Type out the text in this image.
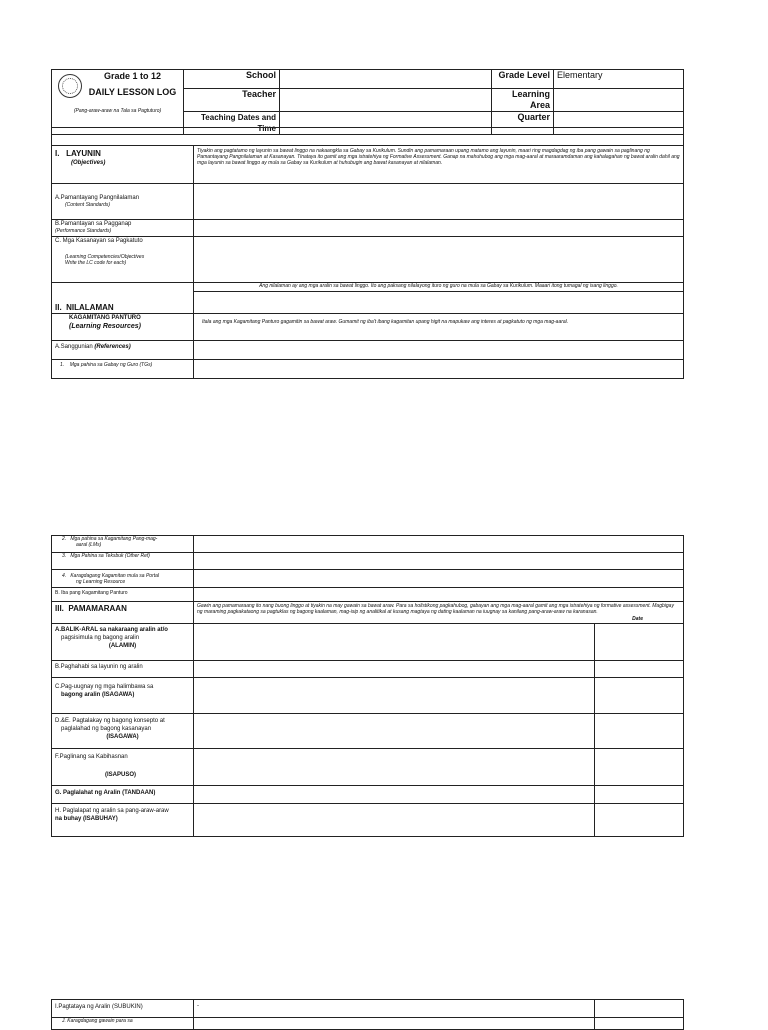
Grade 1 to 12
DAILY LESSON LOG
(Pang-araw-araw na Tala sa Pagtuturo)	School		Grade Level	Elementary
	Teacher		Learning Area	
	Teaching Dates and Time		Quarter	

I. LAYUNIN
(Objectives)	Tiyakin ang pagtatamo ng layunin sa bawat linggo na nakaangkla sa Gabay sa Kurikulum. Sundin ang pamamaraan upang matamo ang layunin, maari ring magdagdag ng iba pang gawain sa paglinang ng Pamantayang Pangnilalaman at Kasanayan. Tinataya ito gamit ang mga istratehiya ng Formative Assessment. Ganap na mahuhubog ang mga mag-aaral at maraaramdaman ang kahalagahan ng bawat aralin dahil ang mga layunin sa bawat linggo ay mula sa Gabay sa Kurikulum at huhubugin ang bawat kasanayan at nilalaman.

A.Pamantayang Pangnilalaman
(Content Standards)	

B.Pamantayan sa Pagganap
(Performance Standards)	

C. Mga Kasanayan sa Pagkatuto
(Learning Competencies/Objectives
Write the LC code for each)	

II. NILALAMAN	Ang nilalaman ay ang mga aralin sa bawat linggo. Ito ang paksang nilalayong ituro ng guro na mula sa Gabay sa Kurikulum. Maaari itong tumagal ng isang linggo.

KAGAMITANG PANTURO
(Learning Resources)	Itala ang mga Kagamitang Panturo gagamitin sa bawat araw. Gumamit ng iba't ibang kagamitan upang higit na mapukaw ang interes at pagkatuto ng mga mag-aaral.
A.Sanggunian (References)	
1. Mga pahina sa Gabay ng Guro (TGs)	
2. Mga pahina sa Kagamitang Pang-mag-
aaral (LMs)		

3. Mga Pahina sa Teksbuk (Other Ref)		

4. Karagdagang Kagamitan mula sa Portal
ng Learning Resource		

B. Iba pang Kagamitang Panturo		

III. PAMAMARAAN	Gawin ang pamamaraang ito nang buong linggo at tiyakin na may gawain sa bawat araw. Para sa holistikong pagkahubog, gabayan ang mga mag-aaral gamit ang mga istratehiya ng formative assessment. Magbigay ng maraming pagkakataong sa pagtuklas ng bagong kaalaman, mag-isip ng analitikal at kusang magtaya ng dating kaalaman na iuugnay sa kanilang pang-araw-araw na karanasan.
Date	

A.BALIK-ARAL sa nakaraang aralin at/o
pagsisimula ng bagong aralin
(ALAMIN)		

B.Paghahabi sa layunin ng aralin		

C.Pag-uugnay ng mga halimbawa sa
bagong aralin (ISAGAWA)		

D.&E. Pagtalakay ng bagong konsepto at
paglalahad ng bagong kasanayan
(ISAGAWA)		

F.Paglinang sa Kabihasnan
(ISAPUSO)		

G. Paglalahat ng Aralin (TANDAAN)		

H. Paglalapat ng aralin sa pang-araw-araw
na buhay (ISABUHAY)		

I.Pagtataya ng Aralin (SUBUKIN)	-	
J. Karagdagang gawain para sa		
